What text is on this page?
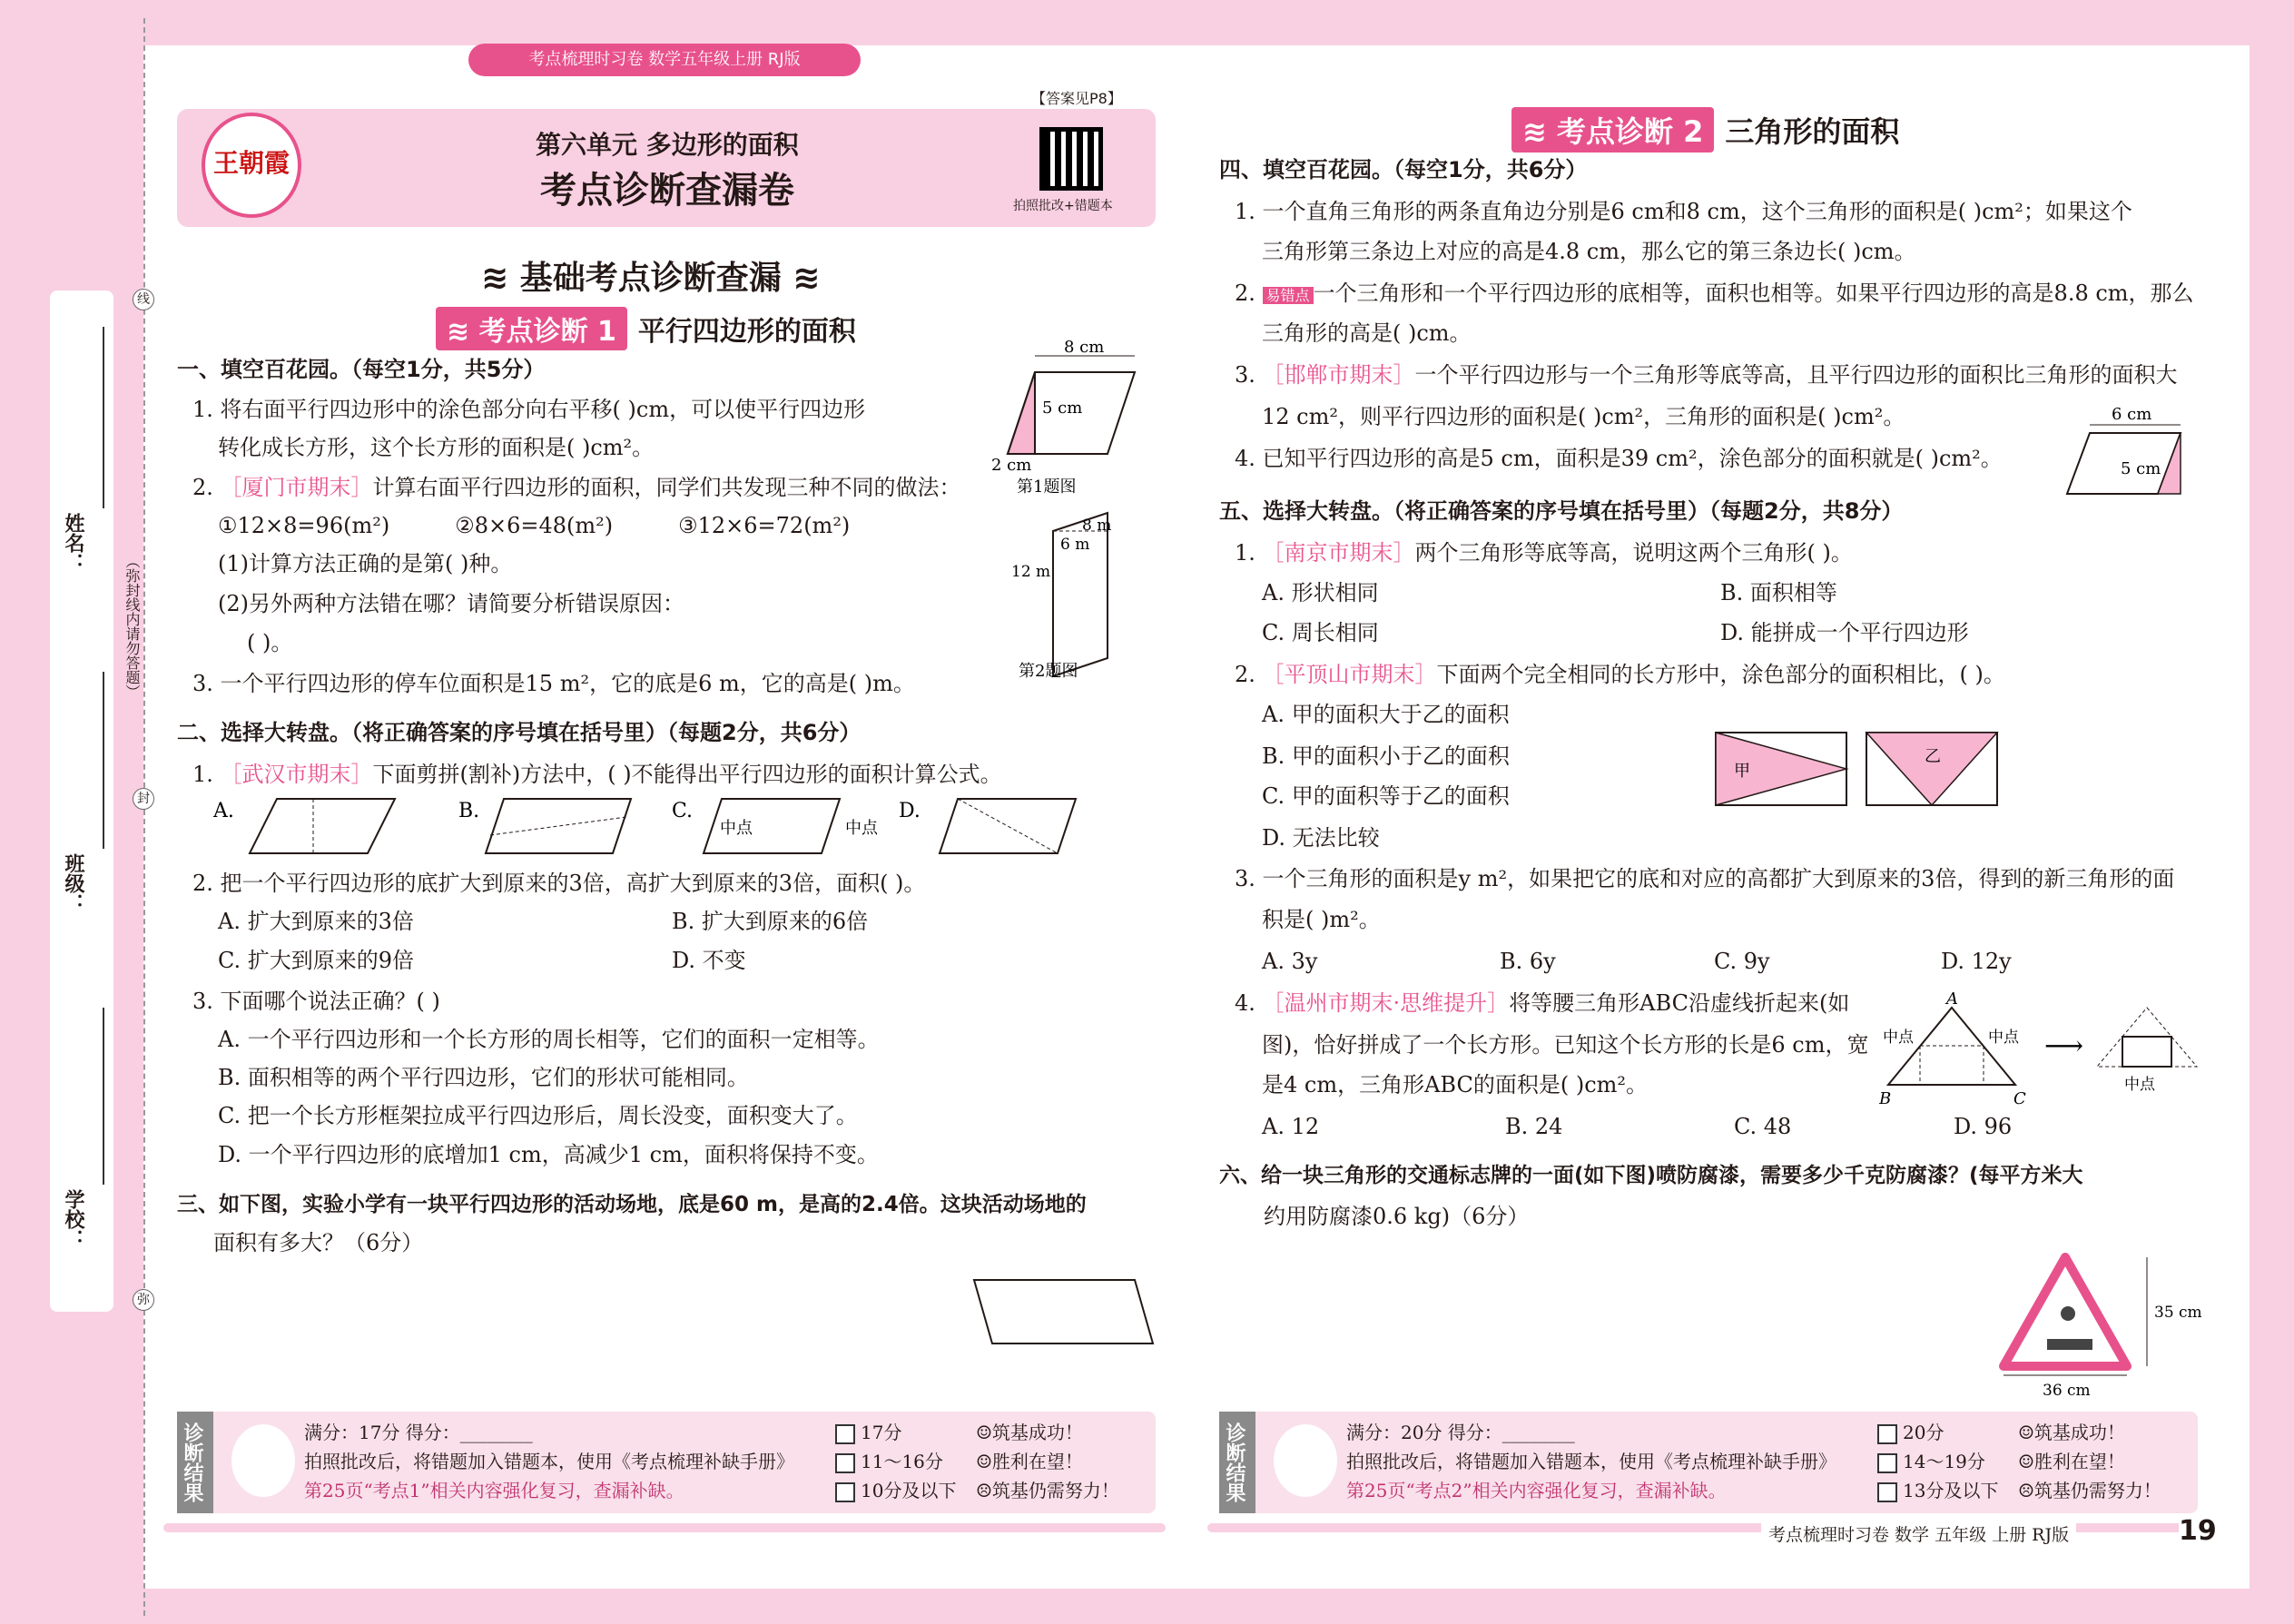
姓名：
班级：
学校：
线
封
弥
（弥封线内请勿答题）
考点梳理时习卷 数学五年级上册 RJ版
王朝霞
第六单元 多边形的面积
考点诊断查漏卷
【答案见P8】
拍照批改+错题本
≋ 基础考点诊断查漏 ≋
≋ 考点诊断 1 平行四边形的面积
一、填空百花园。（每空1分，共5分）
1. 将右面平行四边形中的涂色部分向右平移( )cm，可以使平行四边形
转化成长方形，这个长方形的面积是( )cm²。
2. ［厦门市期末］计算右面平行四边形的面积，同学们共发现三种不同的做法：
①12×8=96(m²)	②8×6=48(m²)	③12×6=72(m²)
(1)计算方法正确的是第( )种。
(2)另外两种方法错在哪？请简要分析错误原因：
( )。
3. 一个平行四边形的停车位面积是15 m²，它的底是6 m，它的高是( )m。
8 cm
5 cm
2 cm
第1题图
8 m
6 m
12 m
第2题图
二、选择大转盘。（将正确答案的序号填在括号里）（每题2分，共6分）
1. ［武汉市期末］下面剪拼(割补)方法中，( )不能得出平行四边形的面积计算公式。
A.	B.	C.
中点	中点
D.
2. 把一个平行四边形的底扩大到原来的3倍，高扩大到原来的3倍，面积( )。
A. 扩大到原来的3倍	B. 扩大到原来的6倍
C. 扩大到原来的9倍	D. 不变
3. 下面哪个说法正确？( )
A. 一个平行四边形和一个长方形的周长相等，它们的面积一定相等。
B. 面积相等的两个平行四边形，它们的形状可能相同。
C. 把一个长方形框架拉成平行四边形后，周长没变，面积变大了。
D. 一个平行四边形的底增加1 cm，高减少1 cm，面积将保持不变。
三、如下图，实验小学有一块平行四边形的活动场地，底是60 m，是高的2.4倍。这块活动场地的
面积有多大？（6分）
诊断结果	满分：17分 得分：________
拍照批改后，将错题加入错题本，使用《考点梳理补缺手册》
第25页“考点1”相关内容强化复习，查漏补缺。
17分
11～16分
10分及以下
☺筑基成功！
☺胜利在望！
☹筑基仍需努力！
≋ 考点诊断 2 三角形的面积
四、填空百花园。（每空1分，共6分）
1. 一个直角三角形的两条直角边分别是6 cm和8 cm，这个三角形的面积是( )cm²；如果这个
三角形第三条边上对应的高是4.8 cm，那么它的第三条边长( )cm。
2. 易错点 一个三角形和一个平行四边形的底相等，面积也相等。如果平行四边形的高是8.8 cm，那么
三角形的高是( )cm。
3. ［邯郸市期末］一个平行四边形与一个三角形等底等高，且平行四边形的面积比三角形的面积大
12 cm²，则平行四边形的面积是( )cm²，三角形的面积是( )cm²。
4. 已知平行四边形的高是5 cm，面积是39 cm²，涂色部分的面积就是( )cm²。
6 cm
5 cm
五、选择大转盘。（将正确答案的序号填在括号里）（每题2分，共8分）
1. ［南京市期末］两个三角形等底等高，说明这两个三角形( )。
A. 形状相同	B. 面积相等
C. 周长相同	D. 能拼成一个平行四边形
2. ［平顶山市期末］下面两个完全相同的长方形中，涂色部分的面积相比，( )。
A. 甲的面积大于乙的面积
B. 甲的面积小于乙的面积
C. 甲的面积等于乙的面积
D. 无法比较
甲
乙
3. 一个三角形的面积是y m²，如果把它的底和对应的高都扩大到原来的3倍，得到的新三角形的面
积是( )m²。
A. 3y	B. 6y	C. 9y	D. 12y
4. ［温州市期末·思维提升］将等腰三角形ABC沿虚线折起来(如
图)，恰好拼成了一个长方形。已知这个长方形的长是6 cm，宽
是4 cm，三角形ABC的面积是( )cm²。
A. 12	B. 24	C. 48	D. 96
A
B	C
中点	中点 ⟶
中点
六、给一块三角形的交通标志牌的一面(如下图)喷防腐漆，需要多少千克防腐漆？(每平方米大
约用防腐漆0.6 kg)（6分）
35 cm
36 cm
诊断结果	满分：20分 得分：________
拍照批改后，将错题加入错题本，使用《考点梳理补缺手册》
第25页“考点2”相关内容强化复习，查漏补缺。
20分
14～19分
13分及以下
☺筑基成功！
☺胜利在望！
☹筑基仍需努力！
考点梳理时习卷 数学 五年级 上册 RJ版	19
